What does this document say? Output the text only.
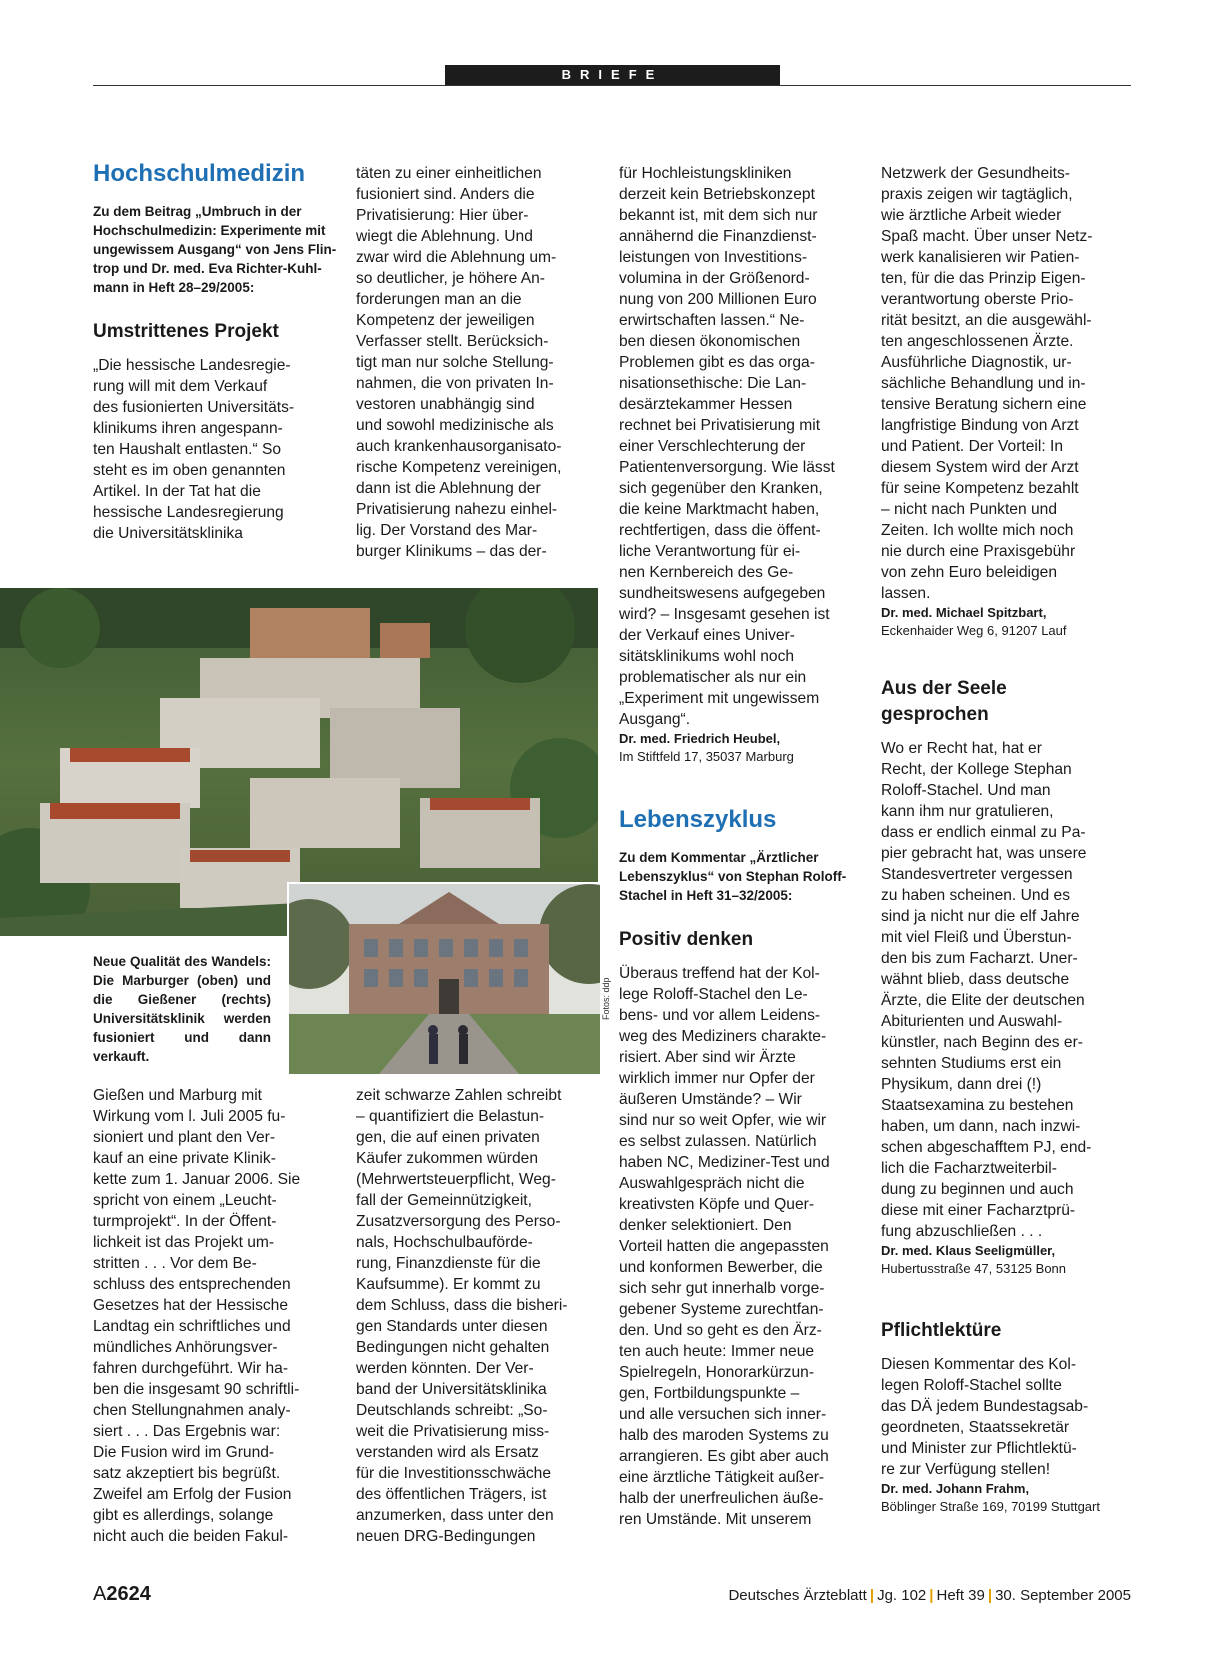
BRIEFE
Hochschulmedizin
Zu dem Beitrag „Umbruch in der
Hochschulmedizin: Experimente mit
ungewissem Ausgang“ von Jens Flin-
trop und Dr. med. Eva Richter-Kuhl-
mann in Heft 28–29/2005:
Umstrittenes Projekt
„Die hessische Landesregie-
rung will mit dem Verkauf
des fusionierten Universitäts-
klinikums ihren angespann-
ten Haushalt entlasten.“ So
steht es im oben genannten
Artikel. In der Tat hat die
hessische Landesregierung
die Universitätsklinika
täten zu einer einheitlichen
fusioniert sind. Anders die
Privatisierung: Hier über-
wiegt die Ablehnung. Und
zwar wird die Ablehnung um-
so deutlicher, je höhere An-
forderungen man an die
Kompetenz der jeweiligen
Verfasser stellt. Berücksich-
tigt man nur solche Stellung-
nahmen, die von privaten In-
vestoren unabhängig sind
und sowohl medizinische als
auch krankenhausorganisato-
rische Kompetenz vereinigen,
dann ist die Ablehnung der
Privatisierung nahezu einhel-
lig. Der Vorstand des Mar-
burger Klinikums – das der-
für Hochleistungskliniken
derzeit kein Betriebskonzept
bekannt ist, mit dem sich nur
annähernd die Finanzdienst-
leistungen von Investitions-
volumina in der Größenord-
nung von 200 Millionen Euro
erwirtschaften lassen.“ Ne-
ben diesen ökonomischen
Problemen gibt es das orga-
nisationsethische: Die Lan-
desärztekammer Hessen
rechnet bei Privatisierung mit
einer Verschlechterung der
Patientenversorgung. Wie lässt
sich gegenüber den Kranken,
die keine Marktmacht haben,
rechtfertigen, dass die öffent-
liche Verantwortung für ei-
nen Kernbereich des Ge-
sundheitswesens aufgegeben
wird? – Insgesamt gesehen ist
der Verkauf eines Univer-
sitätsklinikums wohl noch
problematischer als nur ein
„Experiment mit ungewissem
Ausgang“.
Dr. med. Friedrich Heubel,
Im Stiftfeld 17, 35037 Marburg
Lebenszyklus
Zu dem Kommentar „Ärztlicher
Lebenszyklus“ von Stephan Roloff-
Stachel in Heft 31–32/2005:
Positiv denken
Überaus treffend hat der Kol-
lege Roloff-Stachel den Le-
bens- und vor allem Leidens-
weg des Mediziners charakte-
risiert. Aber sind wir Ärzte
wirklich immer nur Opfer der
äußeren Umstände? – Wir
sind nur so weit Opfer, wie wir
es selbst zulassen. Natürlich
haben NC, Mediziner-Test und
Auswahlgespräch nicht die
kreativsten Köpfe und Quer-
denker selektioniert. Den
Vorteil hatten die angepassten
und konformen Bewerber, die
sich sehr gut innerhalb vorge-
gebener Systeme zurechtfan-
den. Und so geht es den Ärz-
ten auch heute: Immer neue
Spielregeln, Honorarkürzun-
gen, Fortbildungspunkte –
und alle versuchen sich inner-
halb des maroden Systems zu
arrangieren. Es gibt aber auch
eine ärztliche Tätigkeit außer-
halb der unerfreulichen äuße-
ren Umstände. Mit unserem
Netzwerk der Gesundheits-
praxis zeigen wir tagtäglich,
wie ärztliche Arbeit wieder
Spaß macht. Über unser Netz-
werk kanalisieren wir Patien-
ten, für die das Prinzip Eigen-
verantwortung oberste Prio-
rität besitzt, an die ausgewähl-
ten angeschlossenen Ärzte.
Ausführliche Diagnostik, ur-
sächliche Behandlung und in-
tensive Beratung sichern eine
langfristige Bindung von Arzt
und Patient. Der Vorteil: In
diesem System wird der Arzt
für seine Kompetenz bezahlt
– nicht nach Punkten und
Zeiten. Ich wollte mich noch
nie durch eine Praxisgebühr
von zehn Euro beleidigen
lassen.
Dr. med. Michael Spitzbart,
Eckenhaider Weg 6, 91207 Lauf
Aus der Seele
gesprochen
Wo er Recht hat, hat er
Recht, der Kollege Stephan
Roloff-Stachel. Und man
kann ihm nur gratulieren,
dass er endlich einmal zu Pa-
pier gebracht hat, was unsere
Standesvertreter vergessen
zu haben scheinen. Und es
sind ja nicht nur die elf Jahre
mit viel Fleiß und Überstun-
den bis zum Facharzt. Uner-
wähnt blieb, dass deutsche
Ärzte, die Elite der deutschen
Abiturienten und Auswahl-
künstler, nach Beginn des er-
sehnten Studiums erst ein
Physikum, dann drei (!)
Staatsexamina zu bestehen
haben, um dann, nach inzwi-
schen abgeschafftem PJ, end-
lich die Facharztweiterbil-
dung zu beginnen und auch
diese mit einer Facharztprü-
fung abzuschließen . . .
Dr. med. Klaus Seeligmüller,
Hubertusstraße 47, 53125 Bonn
Pflichtlektüre
Diesen Kommentar des Kol-
legen Roloff-Stachel sollte
das DÄ jedem Bundestagsab-
geordneten, Staatssekretär
und Minister zur Pflichtlektü-
re zur Verfügung stellen!
Dr. med. Johann Frahm,
Böblinger Straße 169, 70199 Stuttgart
Neue Qualität des Wandels: Die Marburger (oben) und die Gießener (rechts) Universitätsklinik werden fusioniert und dann verkauft.
Fotos: ddp
Gießen und Marburg mit
Wirkung vom l. Juli 2005 fu-
sioniert und plant den Ver-
kauf an eine private Klinik-
kette zum 1. Januar 2006. Sie
spricht von einem „Leucht-
turmprojekt“. In der Öffent-
lichkeit ist das Projekt um-
stritten . . . Vor dem Be-
schluss des entsprechenden
Gesetzes hat der Hessische
Landtag ein schriftliches und
mündliches Anhörungsver-
fahren durchgeführt. Wir ha-
ben die insgesamt 90 schriftli-
chen Stellungnahmen analy-
siert . . . Das Ergebnis war:
Die Fusion wird im Grund-
satz akzeptiert bis begrüßt.
Zweifel am Erfolg der Fusion
gibt es allerdings, solange
nicht auch die beiden Fakul-
zeit schwarze Zahlen schreibt
– quantifiziert die Belastun-
gen, die auf einen privaten
Käufer zukommen würden
(Mehrwertsteuerpflicht, Weg-
fall der Gemeinnützigkeit,
Zusatzversorgung des Perso-
nals, Hochschulbauförde-
rung, Finanzdienste für die
Kaufsumme). Er kommt zu
dem Schluss, dass die bisheri-
gen Standards unter diesen
Bedingungen nicht gehalten
werden könnten. Der Ver-
band der Universitätsklinika
Deutschlands schreibt: „So-
weit die Privatisierung miss-
verstanden wird als Ersatz
für die Investitionsschwäche
des öffentlichen Trägers, ist
anzumerken, dass unter den
neuen DRG-Bedingungen
A2624	Deutsches Ärzteblatt | Jg. 102 | Heft 39 | 30. September 2005
